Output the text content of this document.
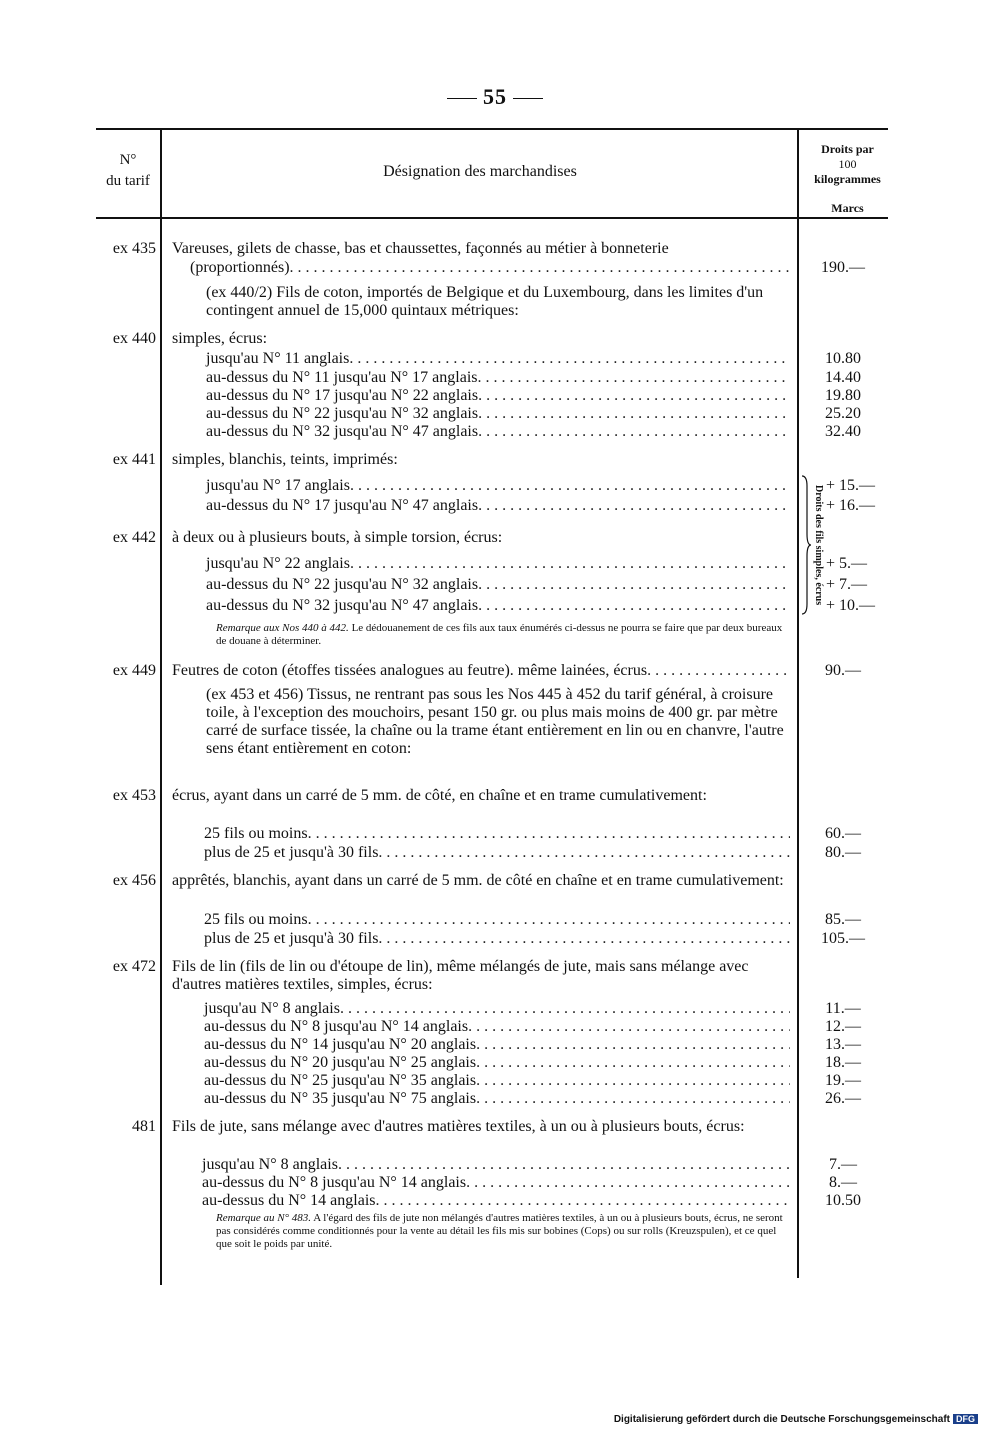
55
N°
du tarif
Désignation des marchandises
Droits par
100
kilogrammes
Marcs
ex 435 Vareuses, gilets de chasse, bas et chaussettes, façonnés au métier à bonneterie
(proportionnés) . . .	190.—
(ex 440/2) Fils de coton, importés de Belgique et du Luxembourg, dans les limites d'un contingent annuel de 15,000 quintaux métriques:
ex 440 simples, écrus:
jusqu'au N° 11 anglais . . .	10.80
au-dessus du N° 11 jusqu'au N° 17 anglais . . .	14.40
au-dessus du N° 17 jusqu'au N° 22 anglais . . .	19.80
au-dessus du N° 22 jusqu'au N° 32 anglais . . .	25.20
au-dessus du N° 32 jusqu'au N° 47 anglais . . .	32.40
ex 441 simples, blanchis, teints, imprimés:
jusqu'au N° 17 anglais . . .	+ 15.—
au-dessus du N° 17 jusqu'au N° 47 anglais . . .	+ 16.—
ex 442 à deux ou à plusieurs bouts, à simple torsion, écrus:
jusqu'au N° 22 anglais . . .	+ 5.—
au-dessus du N° 22 jusqu'au N° 32 anglais . . .	+ 7.—
au-dessus du N° 32 jusqu'au N° 47 anglais . . .	+ 10.—
Droits des fils simples, écrus
Remarque aux Nos 440 à 442. Le dédouanement de ces fils aux taux énumérés ci-dessus ne pourra se faire que par deux bureaux de douane à déterminer.
ex 449 Feutres de coton (étoffes tissées analogues au feutre). même lainées, écrus . . .	90.—
(ex 453 et 456) Tissus, ne rentrant pas sous les Nos 445 à 452 du tarif général, à croisure toile, à l'exception des mouchoirs, pesant 150 gr. ou plus mais moins de 400 gr. par mètre carré de surface tissée, la chaîne ou la trame étant entièrement en lin ou en chanvre, l'autre sens étant entièrement en coton:
ex 453 écrus, ayant dans un carré de 5 mm. de côté, en chaîne et en trame cumulativement:
25 fils ou moins . . .	60.—
plus de 25 et jusqu'à 30 fils . . .	80.—
ex 456 apprêtés, blanchis, ayant dans un carré de 5 mm. de côté en chaîne et en trame cumulativement:
25 fils ou moins . . .	85.—
plus de 25 et jusqu'à 30 fils . . .	105.—
ex 472 Fils de lin (fils de lin ou d'étoupe de lin), même mélangés de jute, mais sans mélange avec d'autres matières textiles, simples, écrus:
jusqu'au N° 8 anglais . . .	11.—
au-dessus du N° 8 jusqu'au N° 14 anglais . . .	12.—
au-dessus du N° 14 jusqu'au N° 20 anglais . . .	13.—
au-dessus du N° 20 jusqu'au N° 25 anglais . . .	18.—
au-dessus du N° 25 jusqu'au N° 35 anglais . . .	19.—
au-dessus du N° 35 jusqu'au N° 75 anglais . . .	26.—
481 Fils de jute, sans mélange avec d'autres matières textiles, à un ou à plusieurs bouts, écrus:
jusqu'au N° 8 anglais . . .	7.—
au-dessus du N° 8 jusqu'au N° 14 anglais . . .	8.—
au-dessus du N° 14 anglais . . .	10.50
Remarque au N° 483. A l'égard des fils de jute non mélangés d'autres matières textiles, à un ou à plusieurs bouts, écrus, ne seront pas considérés comme conditionnés pour la vente au détail les fils mis sur bobines (Cops) ou sur rolls (Kreuzspulen), et ce quel que soit le poids par unité.
Digitalisierung gefördert durch die Deutsche Forschungsgemeinschaft DFG
